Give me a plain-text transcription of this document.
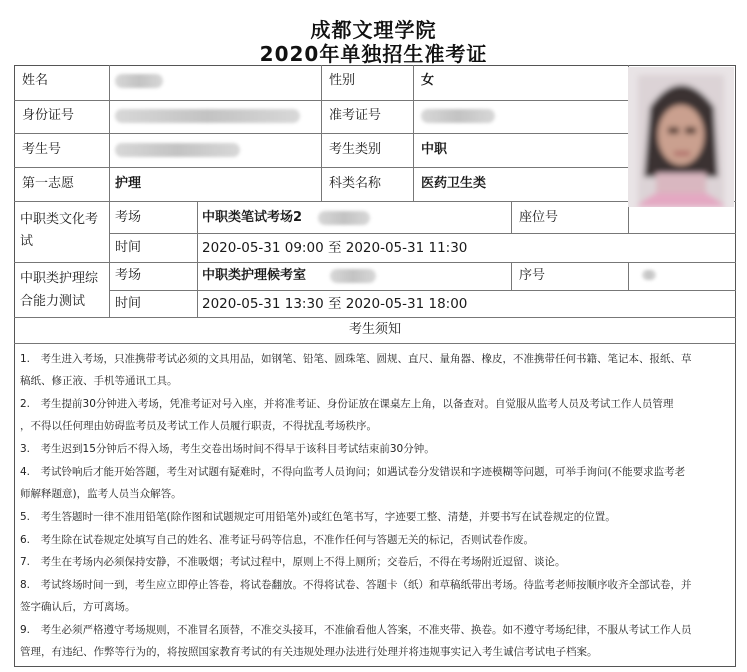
成都文理学院
2020年单独招生准考证
姓名	性别	女
身份证号	准考证号
考生号	考生类别	中职
第一志愿	护理	科类名称	医药卫生类
中职类文化考试
考场	中职类笔试考场2	座位号
时间	2020-05-31 09:00 至 2020-05-31 11:30
中职类护理综合能力测试
考场	中职类护理候考室	序号
时间	2020-05-31 13:30 至 2020-05-31 18:00
考生须知
1.　考生进入考场，只准携带考试必须的文具用品，如钢笔、铅笔、圆珠笔、圆规、直尺、量角器、橡皮，不准携带任何书籍、笔记本、报纸、草
稿纸、修正液、手机等通讯工具。
2.　考生提前30分钟进入考场，凭准考证对号入座，并将准考证、身份证放在课桌左上角，以备查对。自觉服从监考人员及考试工作人员管理
，不得以任何理由妨碍监考员及考试工作人员履行职责，不得扰乱考场秩序。
3.　考生迟到15分钟后不得入场，考生交卷出场时间不得早于该科目考试结束前30分钟。
4.　考试铃响后才能开始答题，考生对试题有疑难时，不得向监考人员询问；如遇试卷分发错误和字迹模糊等问题，可举手询问(不能要求监考老
师解释题意)，监考人员当众解答。
5.　考生答题时一律不准用铅笔(除作图和试题规定可用铅笔外)或红色笔书写，字迹要工整、清楚，并要书写在试卷规定的位置。
6.　考生除在试卷规定处填写自己的姓名、准考证号码等信息，不准作任何与答题无关的标记，否则试卷作废。
7.　考生在考场内必须保持安静，不准吸烟；考试过程中，原则上不得上厕所；交卷后，不得在考场附近逗留、谈论。
8.　考试终场时间一到，考生应立即停止答卷，将试卷翻放。不得将试卷、答题卡（纸）和草稿纸带出考场。待监考老师按顺序收齐全部试卷，并
签字确认后，方可离场。
9.　考生必须严格遵守考场规则，不准冒名顶替，不准交头接耳，不准偷看他人答案，不准夹带、换卷。如不遵守考场纪律，不服从考试工作人员
管理，有违纪、作弊等行为的，将按照国家教育考试的有关违规处理办法进行处理并将违规事实记入考生诚信考试电子档案。
